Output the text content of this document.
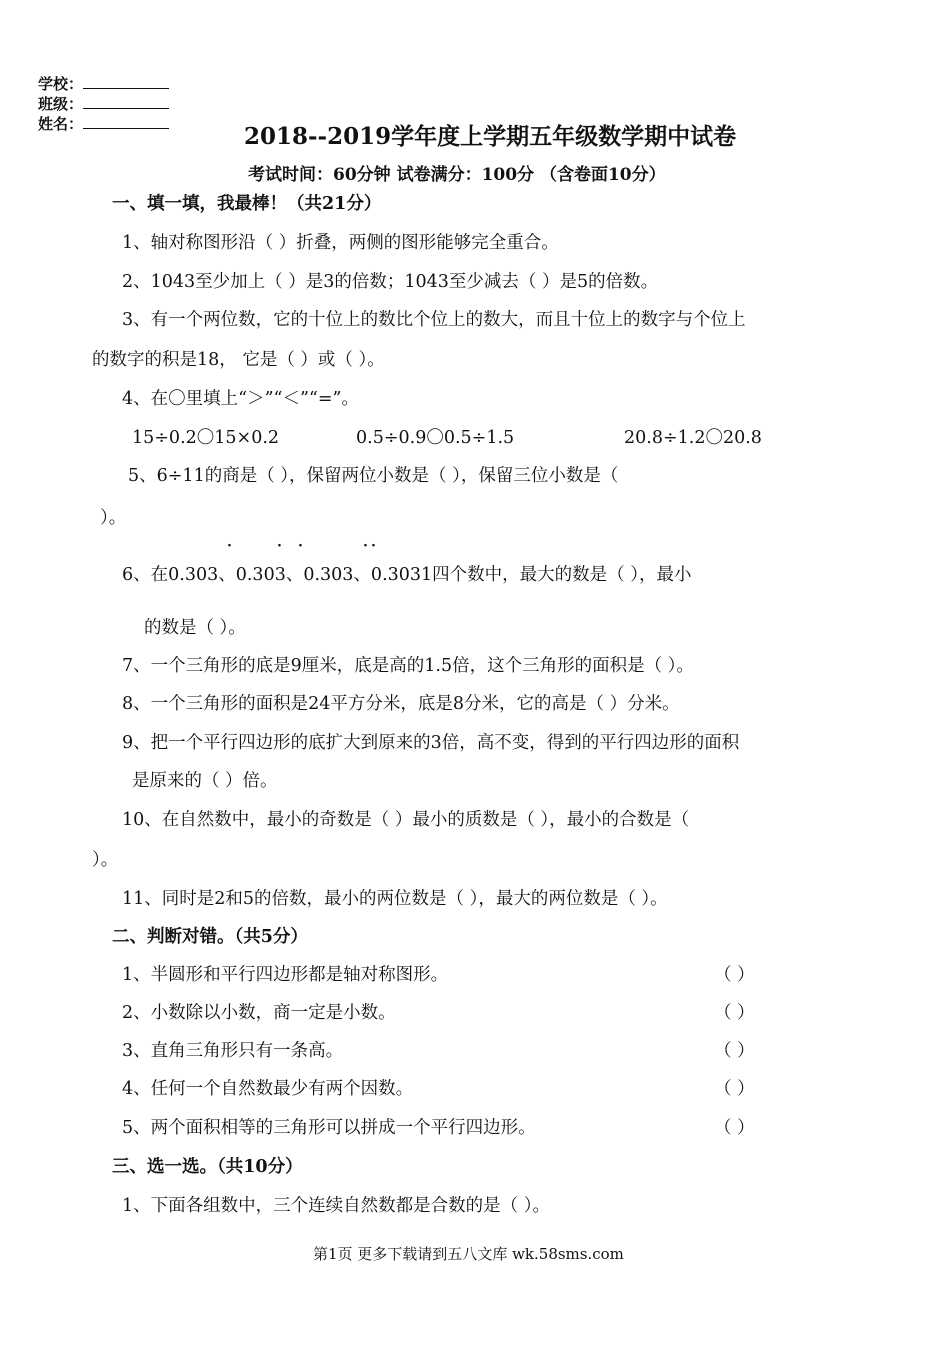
学校：
班级：
姓名：	2018--2019学年度上学期五年级数学期中试卷
考试时间：60分钟 试卷满分：100分 （含卷面10分）
一、填一填，我最棒！（共21分）
1、轴对称图形沿（ ）折叠，两侧的图形能够完全重合。
2、1043至少加上（ ）是3的倍数；1043至少减去（ ）是5的倍数。
3、有一个两位数，它的十位上的数比个位上的数大，而且十位上的数字与个位上
的数字的积是18， 它是（ ）或（ ）。
4、在〇里填上“＞”“＜”“=”。
15÷0.2〇15×0.2	0.5÷0.9〇0.5÷1.5	20.8÷1.2〇20.8
5、6÷11的商是（ ），保留两位小数是（ ），保留三位小数是（
）。
·	· ·	· ·
6、在0.303、0.303、0.303、0.3031四个数中，最大的数是（ ），最小
的数是（ ）。
7、一个三角形的底是9厘米，底是高的1.5倍，这个三角形的面积是（ ）。
8、一个三角形的面积是24平方分米，底是8分米，它的高是（ ）分米。
9、把一个平行四边形的底扩大到原来的3倍，高不变，得到的平行四边形的面积
是原来的（ ）倍。
10、在自然数中，最小的奇数是（ ）最小的质数是（ ），最小的合数是（
）。
11、同时是2和5的倍数，最小的两位数是（ ），最大的两位数是（ ）。
二、判断对错。（共5分）
1、半圆形和平行四边形都是轴对称图形。	（ ）
2、小数除以小数，商一定是小数。	（ ）
3、直角三角形只有一条高。	（ ）
4、任何一个自然数最少有两个因数。	（ ）
5、两个面积相等的三角形可以拼成一个平行四边形。	（ ）
三、选一选。（共10分）
1、下面各组数中，三个连续自然数都是合数的是（ ）。
第1页 更多下载请到五八文库 wk.58sms.com
